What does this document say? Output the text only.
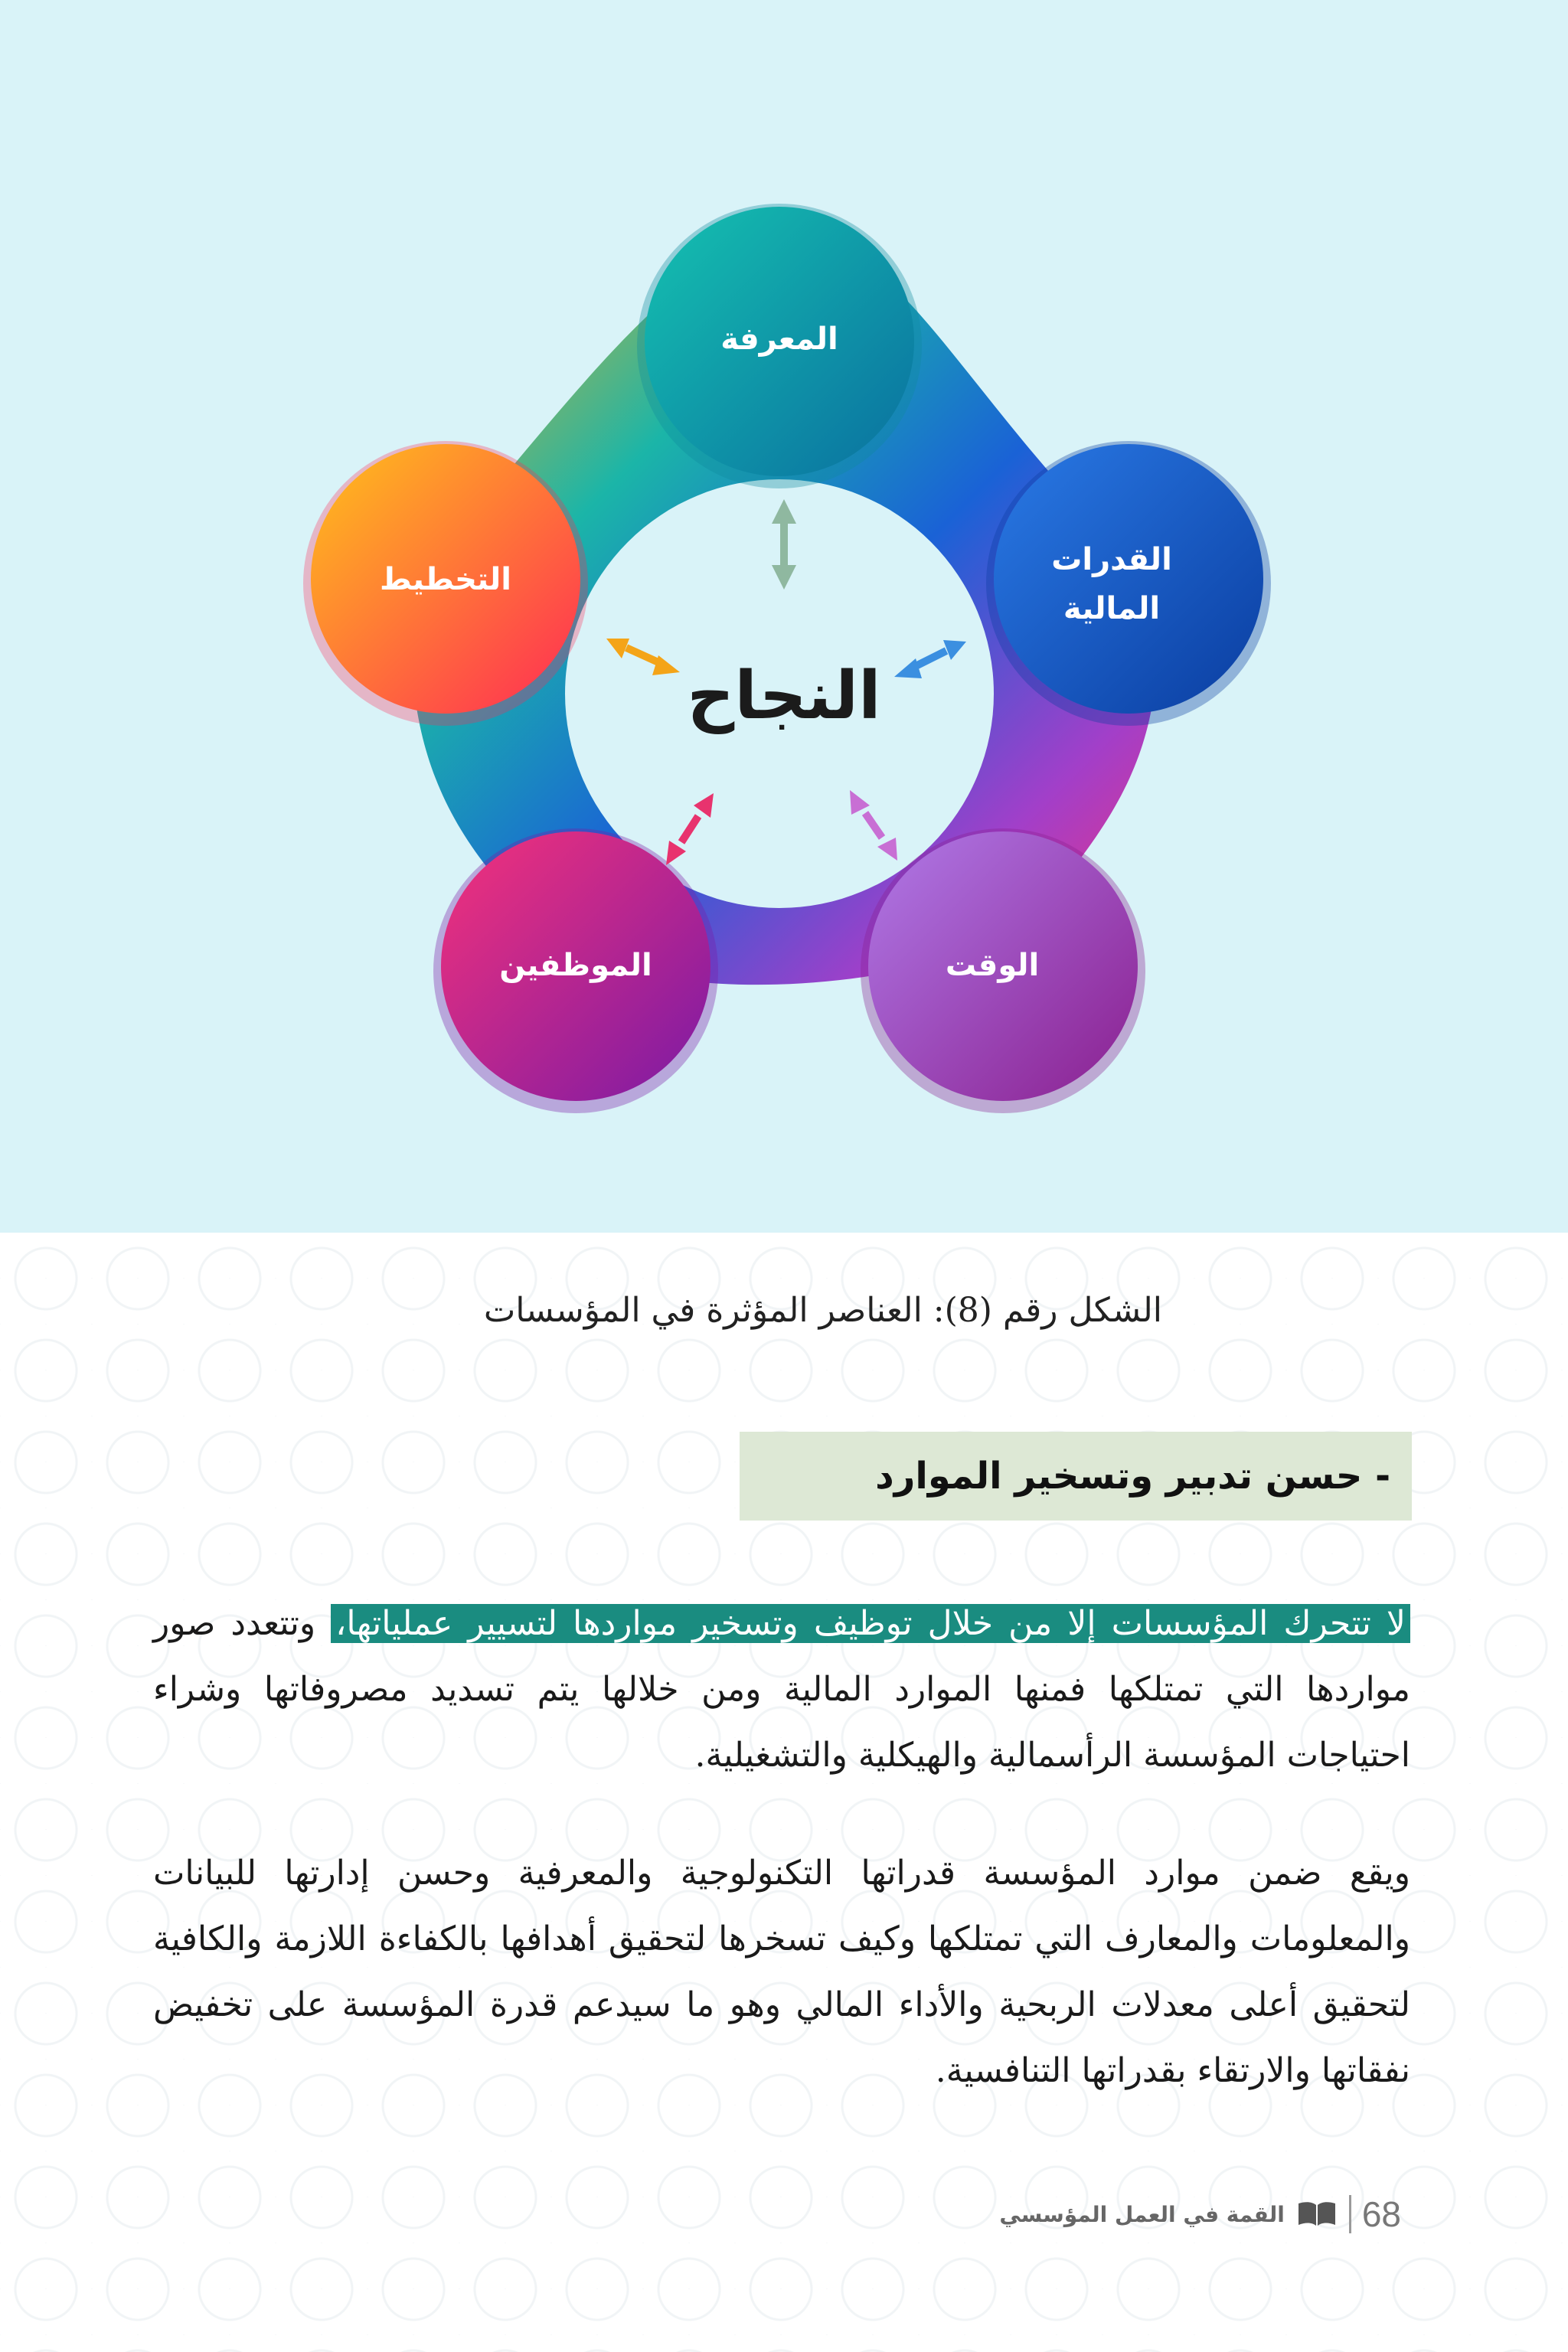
المعرفة
القدرات
المالية
الوقت
الموظفين
التخطيط
النجاح
الشكل رقم (8): العناصر المؤثرة في المؤسسات
- حسن تدبير وتسخير الموارد
لا تتحرك المؤسسات إلا من خلال توظيف وتسخير مواردها لتسيير عملياتها، وتتعدد صور مواردها التي تمتلكها فمنها الموارد المالية ومن خلالها يتم تسديد مصروفاتها وشراء احتياجات المؤسسة الرأسمالية والهيكلية والتشغيلية.
ويقع ضمن موارد المؤسسة قدراتها التكنولوجية والمعرفية وحسن إدارتها للبيانات والمعلومات والمعارف التي تمتلكها وكيف تسخرها لتحقيق أهدافها بالكفاءة اللازمة والكافية لتحقيق أعلى معدلات الربحية والأداء المالي وهو ما سيدعم قدرة المؤسسة على تخفيض نفقاتها والارتقاء بقدراتها التنافسية.
68
القمة في العمل المؤسسي
